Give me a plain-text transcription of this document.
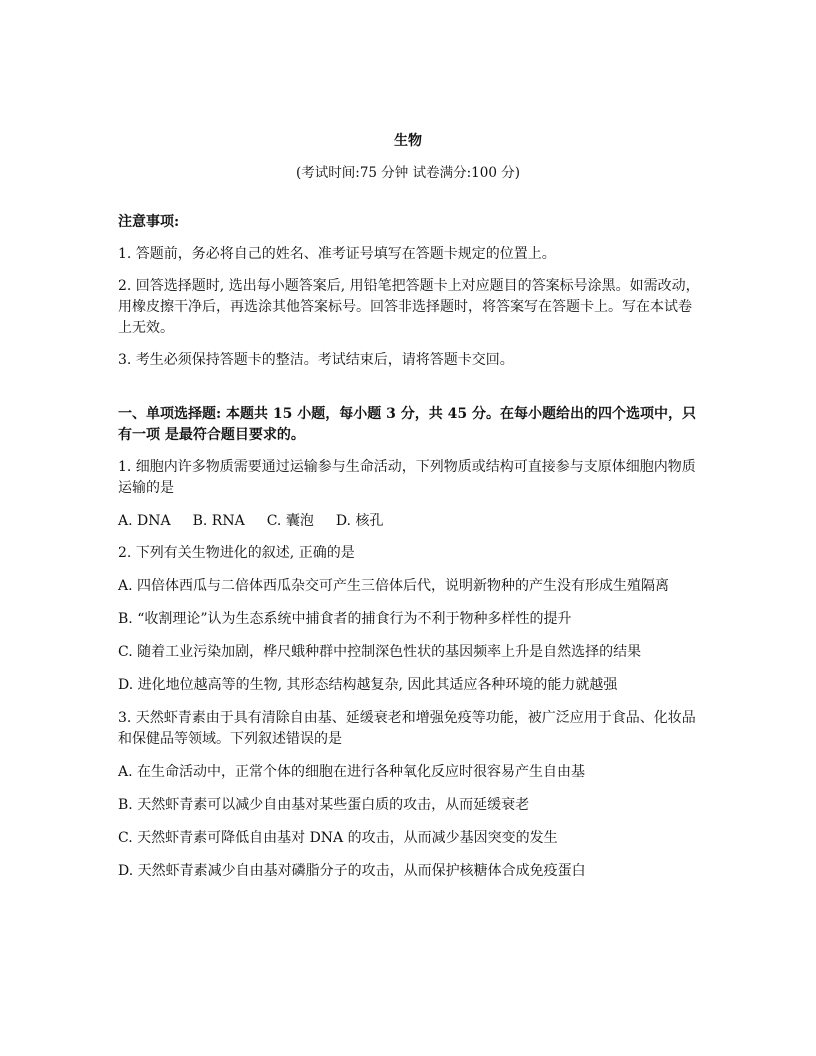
生物
(考试时间:75 分钟 试卷满分:100 分)

注意事项:

1. 答题前，务必将自己的姓名、准考证号填写在答题卡规定的位置上。

2. 回答选择题时, 选出每小题答案后, 用铅笔把答题卡上对应题目的答案标号涂黑。如需改动，用橡皮擦干净后，再选涂其他答案标号。回答非选择题时，将答案写在答题卡上。写在本试卷上无效。

3. 考生必须保持答题卡的整洁。考试结束后，请将答题卡交回。

一、单项选择题: 本题共 15 小题，每小题 3 分，共 45 分。在每小题给出的四个选项中，只有一项 是最符合题目要求的。

1. 细胞内许多物质需要通过运输参与生命活动，下列物质或结构可直接参与支原体细胞内物质运输的是

A. DNA B. RNA C. 囊泡 D. 核孔

2. 下列有关生物进化的叙述, 正确的是

A. 四倍体西瓜与二倍体西瓜杂交可产生三倍体后代，说明新物种的产生没有形成生殖隔离

B. “收割理论”认为生态系统中捕食者的捕食行为不利于物种多样性的提升

C. 随着工业污染加剧，桦尺蛾种群中控制深色性状的基因频率上升是自然选择的结果

D. 进化地位越高等的生物, 其形态结构越复杂, 因此其适应各种环境的能力就越强

3. 天然虾青素由于具有清除自由基、延缓衰老和增强免疫等功能，被广泛应用于食品、化妆品和保健品等领域。下列叙述错误的是

A. 在生命活动中，正常个体的细胞在进行各种氧化反应时很容易产生自由基

B. 天然虾青素可以减少自由基对某些蛋白质的攻击，从而延缓衰老

C. 天然虾青素可降低自由基对 DNA 的攻击，从而减少基因突变的发生

D. 天然虾青素减少自由基对磷脂分子的攻击，从而保护核糖体合成免疫蛋白
